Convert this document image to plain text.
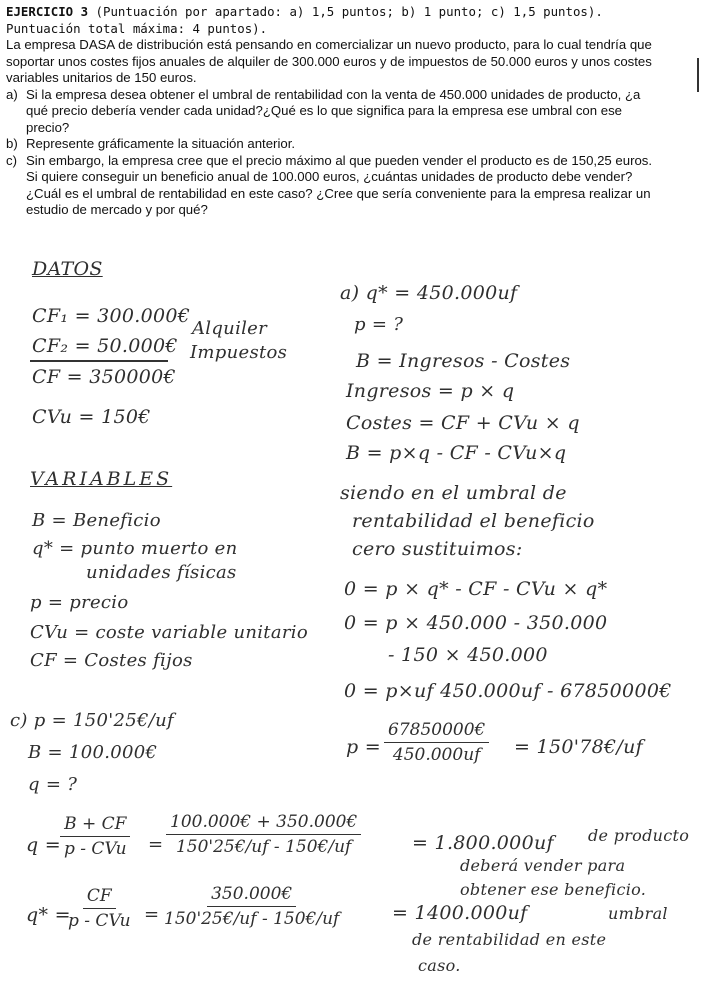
EJERCICIO 3 (Puntuación por apartado: a) 1,5 puntos; b) 1 punto; c) 1,5 puntos). Puntuación total máxima: 4 puntos).

La empresa DASA de distribución está pensando en comercializar un nuevo producto, para lo cual tendría que soportar unos costes fijos anuales de alquiler de 300.000 euros y de impuestos de 50.000 euros y unos costes variables unitarios de 150 euros.

a) Si la empresa desea obtener el umbral de rentabilidad con la venta de 450.000 unidades de producto, ¿a qué precio debería vender cada unidad?¿Qué es lo que significa para la empresa ese umbral con ese precio?
b) Represente gráficamente la situación anterior.
c) Sin embargo, la empresa cree que el precio máximo al que pueden vender el producto es de 150,25 euros. Si quiere conseguir un beneficio anual de 100.000 euros, ¿cuántas unidades de producto debe vender? ¿Cuál es el umbral de rentabilidad en este caso? ¿Cree que sería conveniente para la empresa realizar un estudio de mercado y por qué?
DATOS
CF₁ = 300.000€
Alquiler
CF₂ = 50.000€ Impuestos
CF = 350000€
CVu = 150€
VARIABLES
B = Beneficio
q* = punto muerto en
unidades físicas
p = precio
CVu = coste variable unitario
CF = Costes fijos
c) p = 150'25€/uf
B = 100.000€
q = ?
a) q* = 450.000uf
p = ?
B = Ingresos - Costes
Ingresos = p × q
Costes = CF + CVu × q
B = p×q - CF - CVu×q
siendo en el umbral de
rentabilidad el beneficio
cero sustituimos:
0 = p × q* - CF - CVu × q*
0 = p × 450.000 - 350.000
- 150 × 450.000
0 = p×uf 450.000uf - 67850000€
$p = \frac{67850000€}{450.000uf}$ = 150'78€/uf
q =
B + CF
p - CVu = $\frac{100.000€ + 350.000€}{150'25€/uf - 150€/uf}$	= 1.800.000uf de producto
deberá vender para
obtener ese beneficio.
q* =
CF
p - CVu = $\frac{350.000€}{150'25€/uf - 150€/uf}$	= 1400.000uf	umbral
de rentabilidad en este
caso.
